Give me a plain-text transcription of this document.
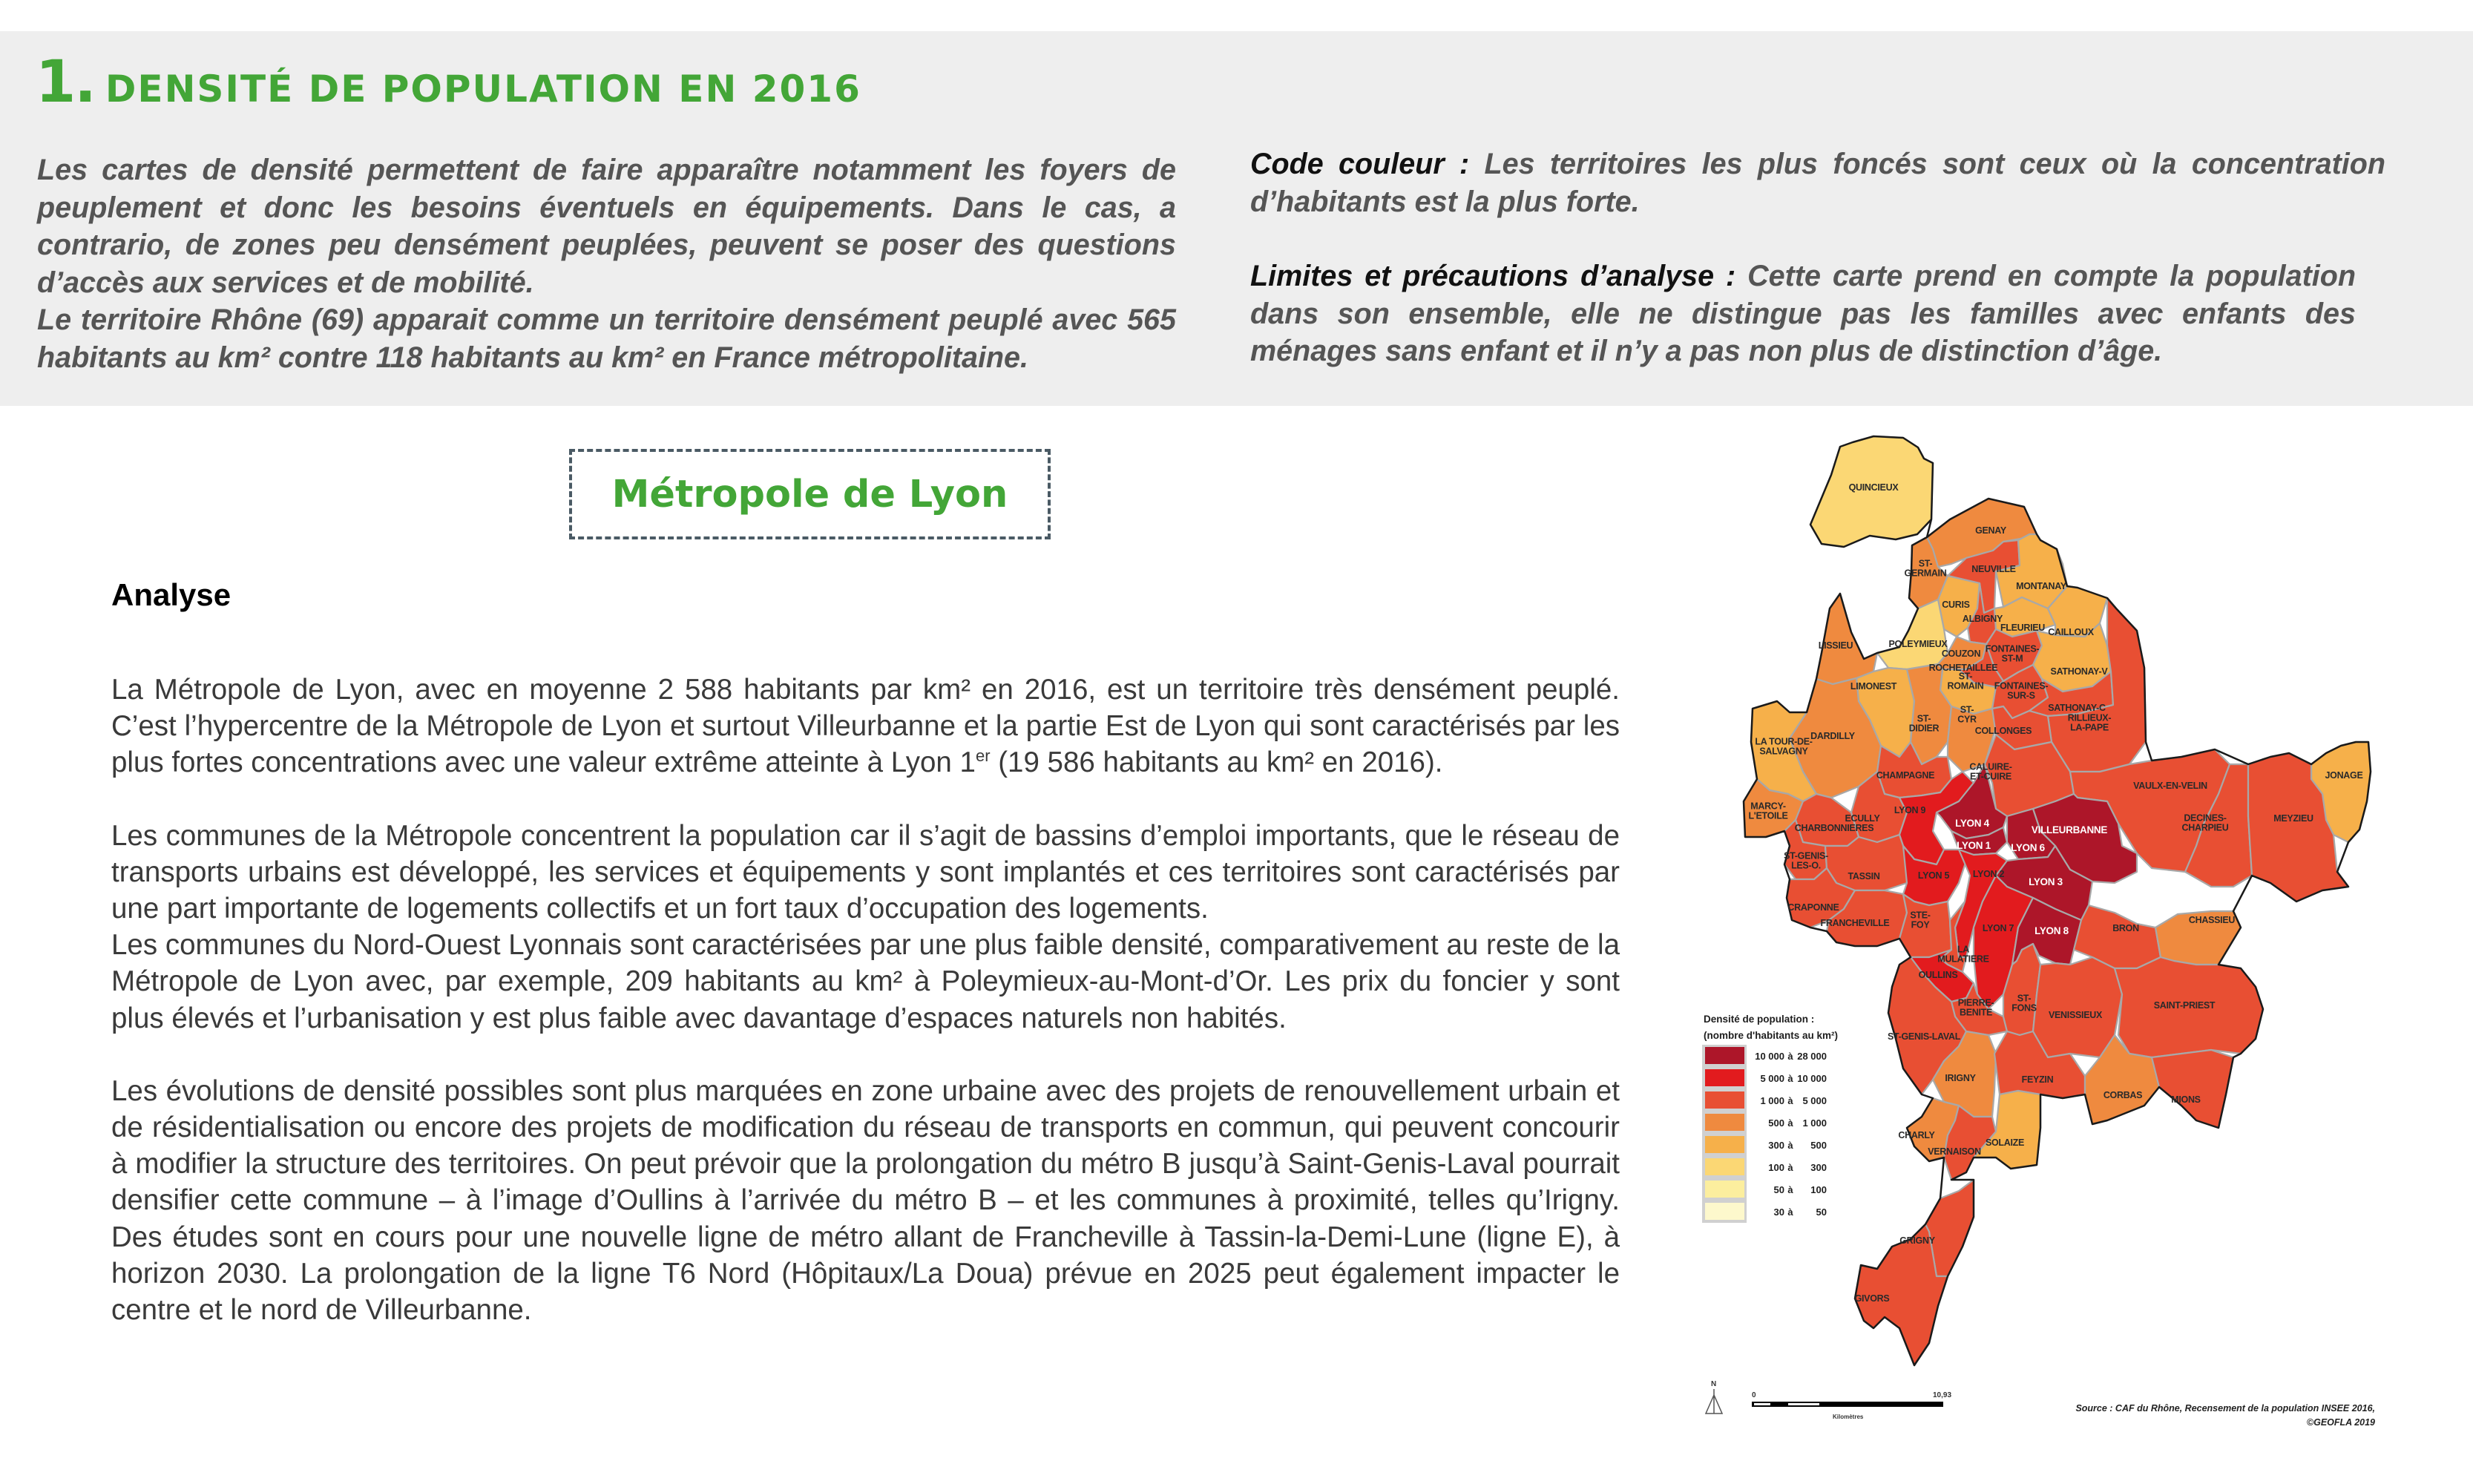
1. DENSITÉ DE POPULATION EN 2016

Les cartes de densité permettent de faire apparaître notamment les foyers de peuplement et donc les besoins éventuels en équipements. Dans le cas, a contrario, de zones peu densément peuplées, peuvent se poser des questions d’accès aux services et de mobilité.

Le territoire Rhône (69) apparait comme un territoire densément peuplé avec 565 habitants au km² contre 118 habitants au km² en France métropolitaine.

Code couleur : Les territoires les plus foncés sont ceux où la concentration d’habitants est la plus forte.

Limites et précautions d’analyse : Cette carte prend en compte la population dans son ensemble, elle ne distingue pas les familles avec enfants des ménages sans enfant et il n’y a pas non plus de distinction d’âge.

Métropole de Lyon
Analyse

La Métropole de Lyon, avec en moyenne 2 588 habitants par km² en 2016, est un territoire très densément peuplé. C’est l’hypercentre de la Métropole de Lyon et surtout Villeurbanne et la partie Est de Lyon qui sont caractérisés par les plus fortes concentrations avec une valeur extrême atteinte à Lyon 1er (19 586 habitants au km² en 2016).

Les communes de la Métropole concentrent la population car il s’agit de bassins d’emploi importants, que le réseau de transports urbains est développé, les services et équipements y sont implantés et ces territoires sont caractérisés par une part importante de logements collectifs et un fort taux d’occupation des logements.

Les communes du Nord-Ouest Lyonnais sont caractérisées par une plus faible densité, comparativement au reste de la Métropole de Lyon avec, par exemple, 209 habitants au km² à Poleymieux-au-Mont-d’Or. Les prix du foncier y sont plus élevés et l’urbanisation y est plus faible avec davantage d’espaces naturels non habités.

Les évolutions de densité possibles sont plus marquées en zone urbaine avec des projets de renouvellement urbain et de résidentialisation ou encore des projets de modification du réseau de transports en commun, qui peuvent concourir à modifier la structure des territoires. On peut prévoir que la prolongation du métro B jusqu’à Saint-Genis-Laval pourrait densifier cette commune – à l’image d’Oullins à l’arrivée du métro B – et les communes à proximité, telles qu’Irigny. Des études sont en cours pour une nouvelle ligne de métro allant de Francheville à Tassin-la-Demi-Lune (ligne E), à horizon 2030. La prolongation de la ligne T6 Nord (Hôpitaux/La Doua) prévue en 2025 peut également impacter le centre et le nord de Villeurbanne.

QUINCIEUX
GENAY
ST-GERMAIN	NEUVILLE
MONTANAY
CURIS
ALBIGNY
FLEURIEU CAILLOUX
LISSIEU	POLEYMIEUX
COUZON FONTAINES-ST-M
ROCHETAILLEE	SATHONAY-V
LIMONEST
ST-ROMAIN FONTAINES-SUR-S
SATHONAY-C
RILLIEUX-LA-PAPE
DARDILLY
ST-DIDIER
ST-CYR
COLLONGES
LA TOUR-DE-SALVAGNY
CHAMPAGNE
CALUIRE-ET-CUIRE
VAULX-EN-VELIN
JONAGE
MARCY-L'ETOILE	ECULLY
LYON 9
LYON 4
VILLEURBANNE
DECINES-CHARPIEU
MEYZIEU
CHARBONNIERES
LYON 1 LYON 6
ST-GENIS-LES-O.
TASSIN	LYON 5	LYON 2
LYON 3
CRAPONNE
FRANCHEVILLE
STE-FOY	LYON 7 LYON 8	BRON
CHASSIEU
LA MULATIERE
OULLINS
PIERRE-BENITE
ST-FONS
VENISSIEUX
SAINT-PRIEST
ST-GENIS-LAVAL
IRIGNY	FEYZIN
CORBAS	MIONS
CHARLY
VERNAISON
SOLAIZE
GRIGNY
GIVORS
Densité de population :
(nombre d'habitants au km²)
10 000 à 28 000
5 000 à 10 000
1 000 à 5 000
500 à 1 000
300 à 500
100 à 300
50 à 100
30 à 50
N
0	10,93
Kilomètres
Source : CAF du Rhône, Recensement de la population INSEE 2016,
©GEOFLA 2019
